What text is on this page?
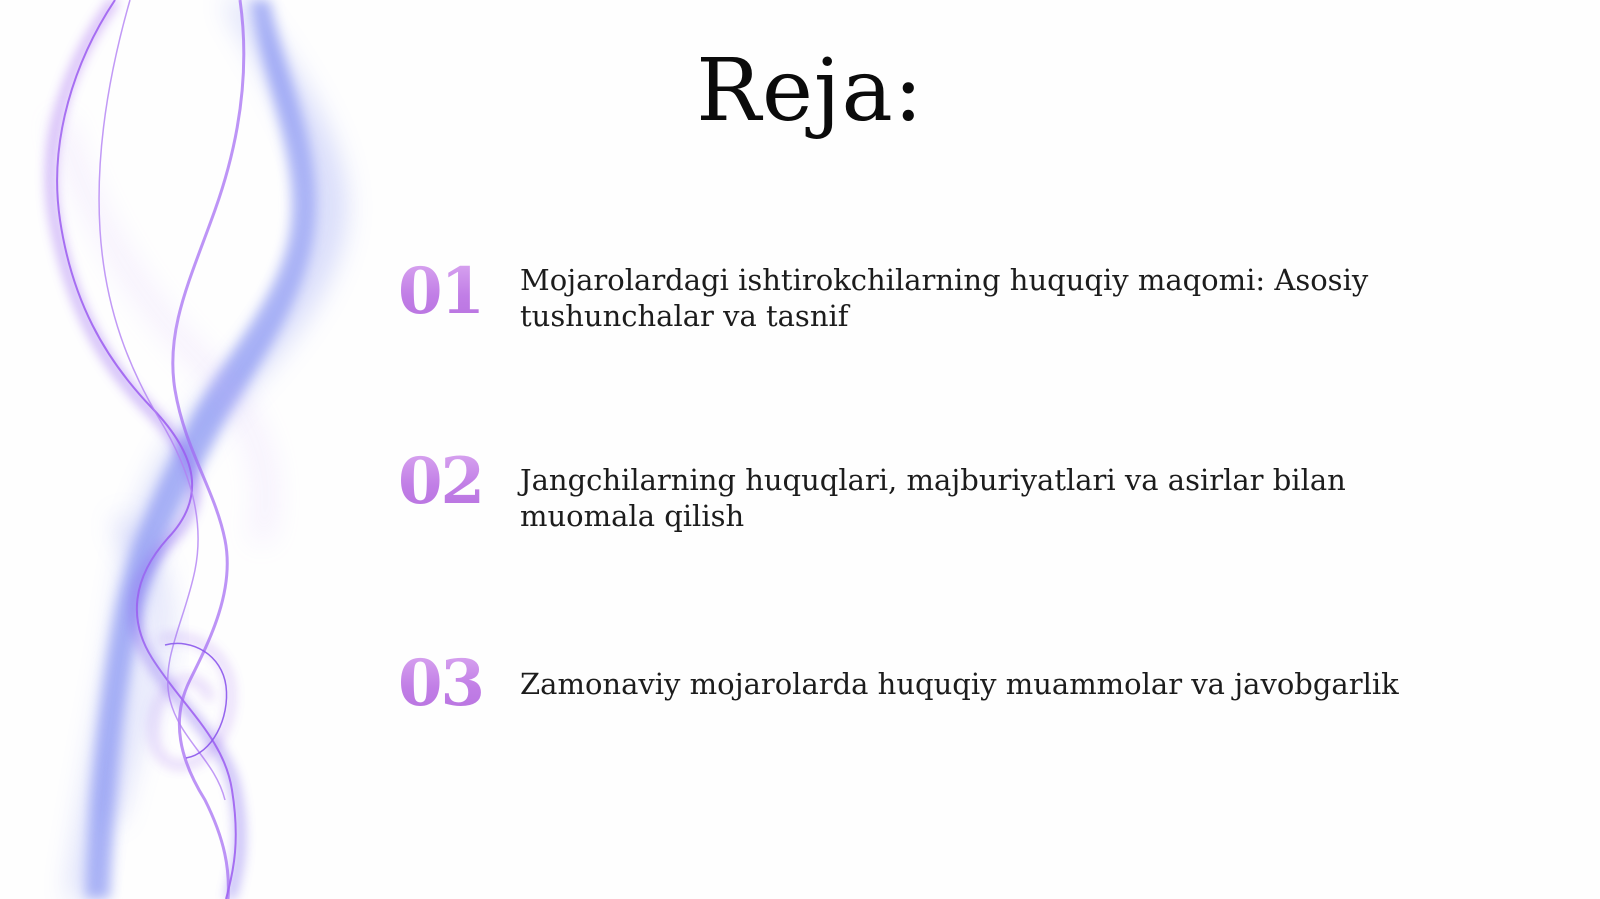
Reja:
01 Mojarolardagi ishtirokchilarning huquqiy maqomi: Asosiy tushunchalar va tasnif
02 Jangchilarning huquqlari, majburiyatlari va asirlar bilan muomala qilish
03 Zamonaviy mojarolarda huquqiy muammolar va javobgarlik
